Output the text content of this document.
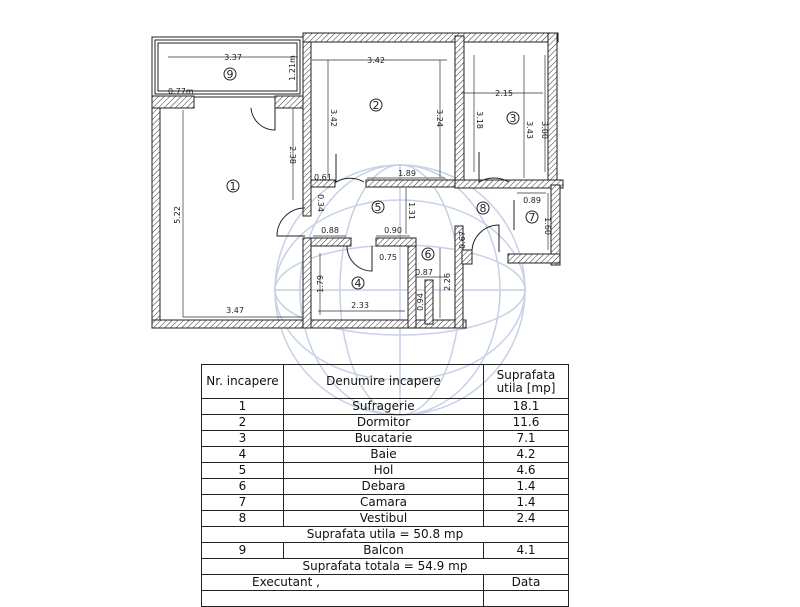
1
2
3
4
5
6
7
8
9
3.37	1.21m
0.77m
3.42
3.42	3.24
2.15
3.18
3.43 3.00
2.38
5.22
0.61	1.89
0.34	1.31
0.89
1.60
0.88	0.90
0.67
0.75
2.26
0.87
1.79
0.94
3.47
2.33
Nr. incapere	Denumire incapere	Suprafata utila [mp]
1	Sufragerie	18.1
2	Dormitor	11.6
3	Bucatarie	7.1
4	Baie	4.2
5	Hol	4.6
6	Debara	1.4
7	Camara	1.4
8	Vestibul	2.4
Suprafata utila = 50.8 mp		
9	Balcon	4.1
Suprafata totala = 54.9 mp		
Executant ,		Data
